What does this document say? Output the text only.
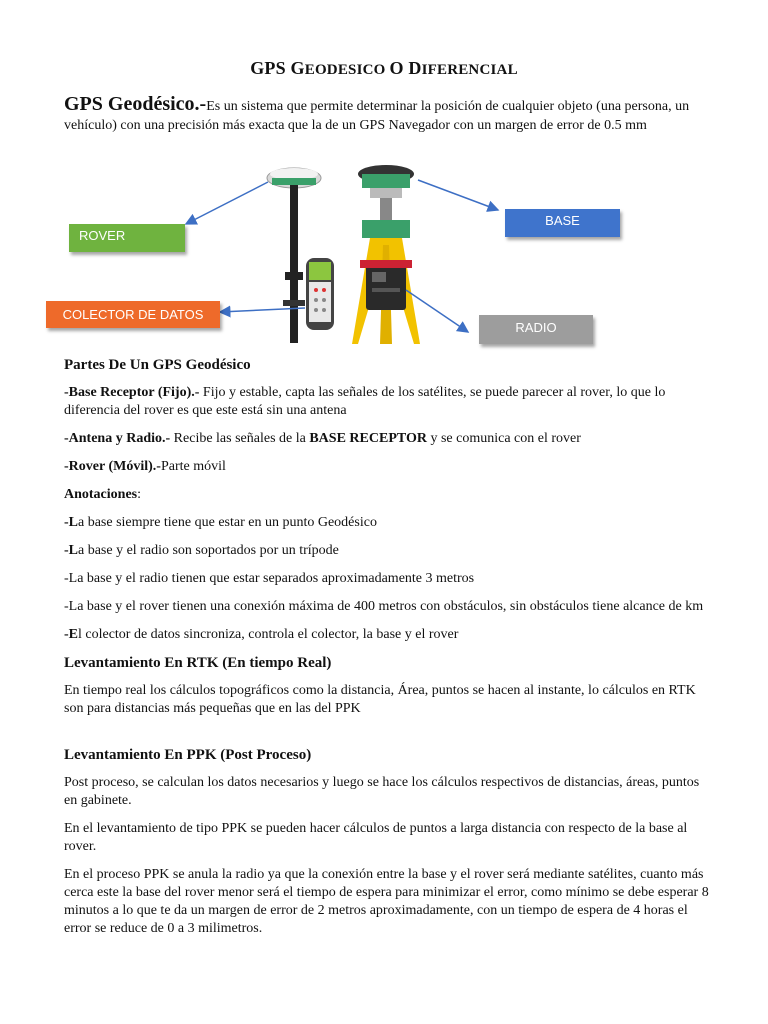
GPS GEODESICO O DIFERENCIAL
GPS Geodésico.-Es un sistema que permite determinar la posición de cualquier objeto (una persona, un vehículo) con una precisión más exacta que la de un GPS Navegador con un margen de error de 0.5 mm
ROVER
BASE
COLECTOR DE DATOS
RADIO

Partes De Un GPS Geodésico

-Base Receptor (Fijo).- Fijo y estable, capta las señales de los satélites, se puede parecer al rover, lo que lo diferencia del rover es que este está sin una antena

-Antena y Radio.- Recibe las señales de la BASE RECEPTOR y se comunica con el rover

-Rover (Móvil).-Parte móvil

Anotaciones:

-La base siempre tiene que estar en un punto Geodésico

-La base y el radio son soportados por un trípode

-La base y el radio tienen que estar separados aproximadamente 3 metros

-La base y el rover tienen una conexión máxima de 400 metros con obstáculos, sin obstáculos tiene alcance de km

-El colector de datos sincroniza, controla el colector, la base y el rover

Levantamiento En RTK (En tiempo Real)

En tiempo real los cálculos topográficos como la distancia, Área, puntos se hacen al instante, lo cálculos en RTK son para distancias más pequeñas que en las del PPK

Levantamiento En PPK (Post Proceso)

Post proceso, se calculan los datos necesarios y luego se hace los cálculos respectivos de distancias, áreas, puntos en gabinete.

En el levantamiento de tipo PPK se pueden hacer cálculos de puntos a larga distancia con respecto de la base al rover.

En el proceso PPK se anula la radio ya que la conexión entre la base y el rover será mediante satélites, cuanto más cerca este la base del rover menor será el tiempo de espera para minimizar el error, como mínimo se debe esperar 8 minutos a lo que te da un margen de error de 2 metros aproximadamente, con un tiempo de espera de 4 horas el error se reduce de 0 a 3 milimetros.
